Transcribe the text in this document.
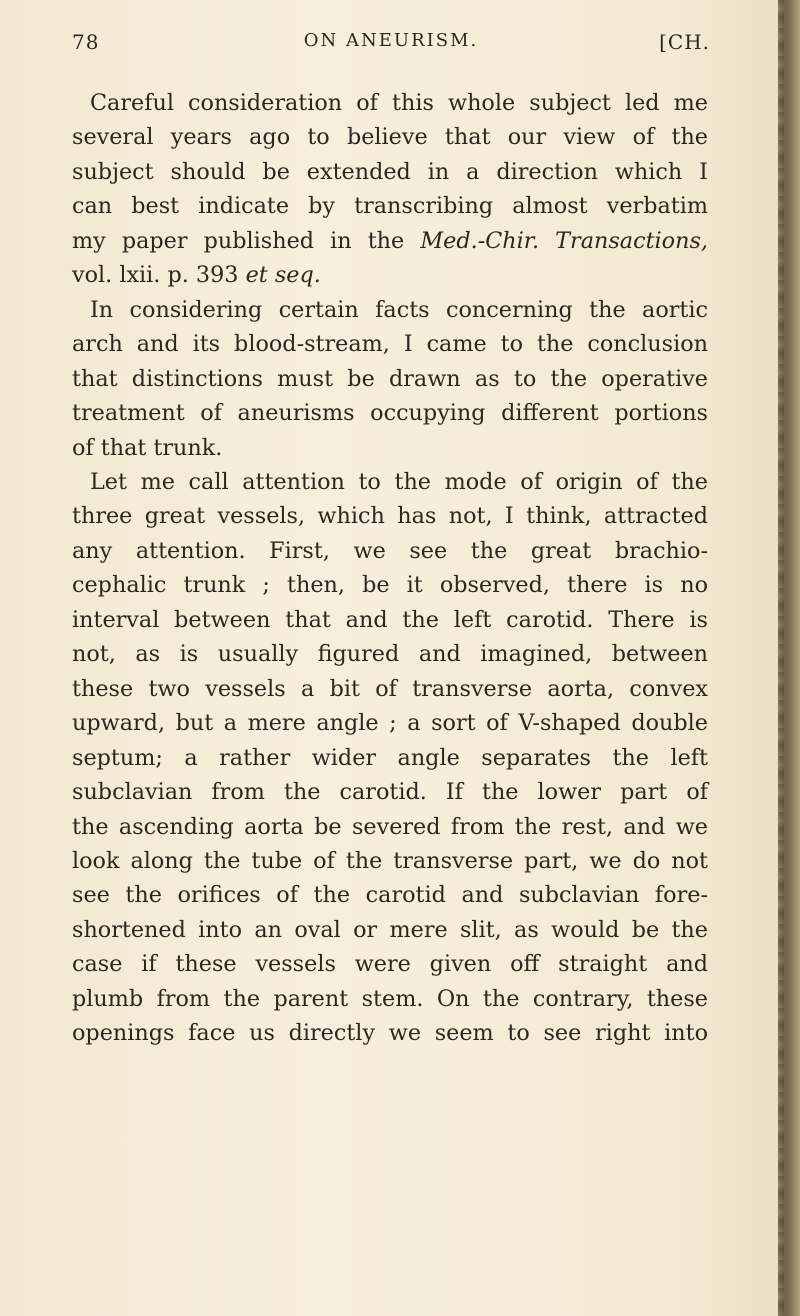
78	ON ANEURISM.	[CH.
Careful consideration of this whole subject led me
several years ago to believe that our view of the
subject should be extended in a direction which I
can best indicate by transcribing almost verbatim
my paper published in the Med.-Chir. Transactions,
vol. lxii. p. 393 et seq.
In considering certain facts concerning the aortic
arch and its blood-stream, I came to the conclusion
that distinctions must be drawn as to the operative
treatment of aneurisms occupying different portions
of that trunk.
Let me call attention to the mode of origin of the
three great vessels, which has not, I think, attracted
any attention. First, we see the great brachio-
cephalic trunk ; then, be it observed, there is no
interval between that and the left carotid. There is
not, as is usually figured and imagined, between
these two vessels a bit of transverse aorta, convex
upward, but a mere angle ; a sort of V-shaped double
septum; a rather wider angle separates the left
subclavian from the carotid. If the lower part of
the ascending aorta be severed from the rest, and we
look along the tube of the transverse part, we do not
see the orifices of the carotid and subclavian fore-
shortened into an oval or mere slit, as would be the
case if these vessels were given off straight and
plumb from the parent stem. On the contrary, these
openings face us directly we seem to see right into
